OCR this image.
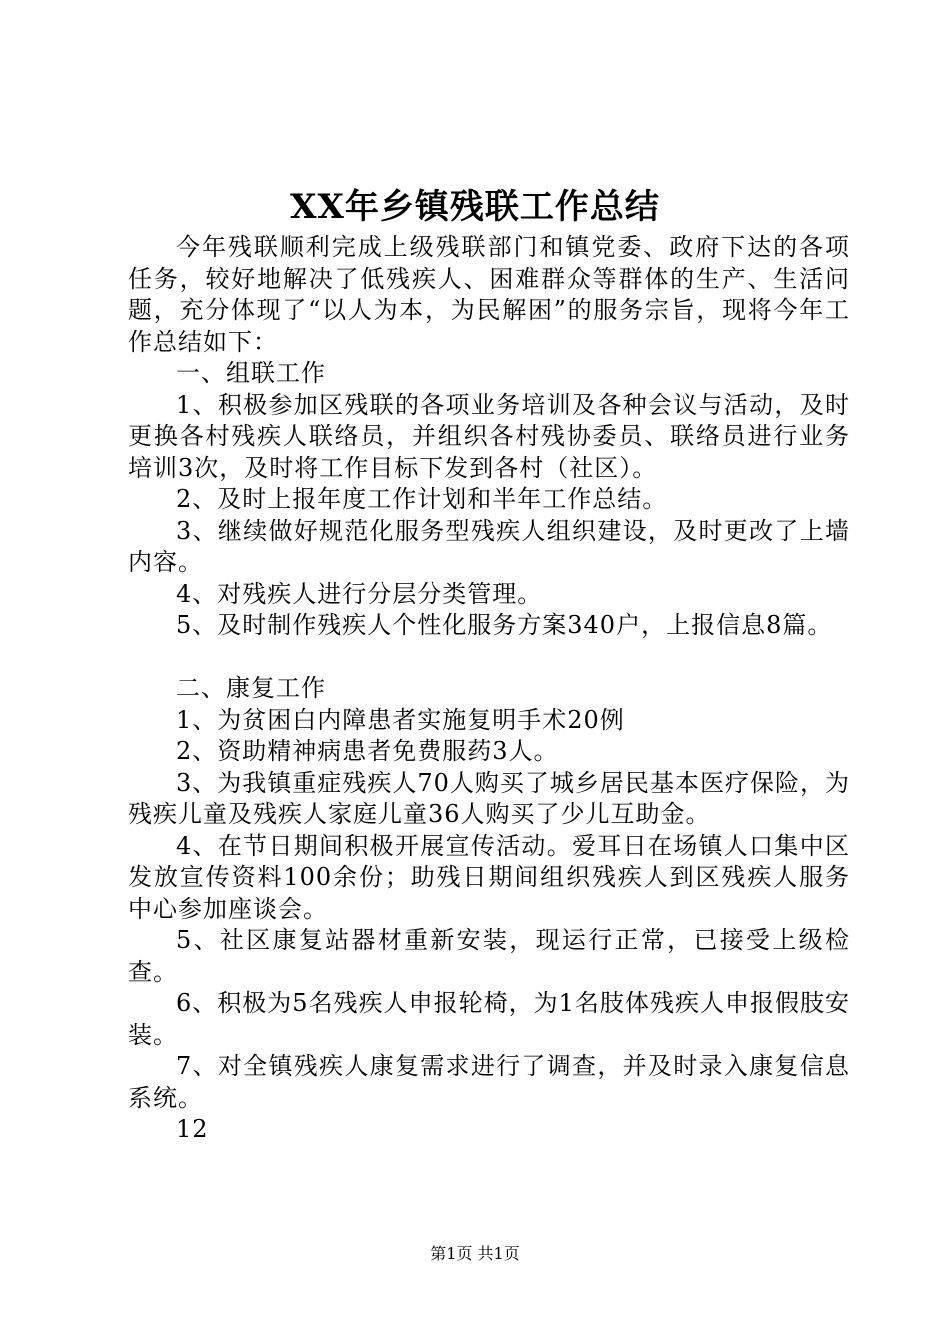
XX年乡镇残联工作总结

今年残联顺利完成上级残联部门和镇党委、政府下达的各项任务，较好地解决了低残疾人、困难群众等群体的生产、生活问题，充分体现了“以人为本，为民解困”的服务宗旨，现将今年工作总结如下：

一、组联工作

1、积极参加区残联的各项业务培训及各种会议与活动，及时更换各村残疾人联络员，并组织各村残协委员、联络员进行业务培训3次，及时将工作目标下发到各村（社区）。

2、及时上报年度工作计划和半年工作总结。

3、继续做好规范化服务型残疾人组织建设，及时更改了上墙内容。

4、对残疾人进行分层分类管理。

5、及时制作残疾人个性化服务方案340户，上报信息8篇。

二、康复工作

1、为贫困白内障患者实施复明手术20例

2、资助精神病患者免费服药3人。

3、为我镇重症残疾人70人购买了城乡居民基本医疗保险，为残疾儿童及残疾人家庭儿童36人购买了少儿互助金。

4、在节日期间积极开展宣传活动。爱耳日在场镇人口集中区发放宣传资料100余份；助残日期间组织残疾人到区残疾人服务中心参加座谈会。

5、社区康复站器材重新安装，现运行正常，已接受上级检查。

6、积极为5名残疾人申报轮椅，为1名肢体残疾人申报假肢安装。

7、对全镇残疾人康复需求进行了调查，并及时录入康复信息系统。

12

第1页 共1页
